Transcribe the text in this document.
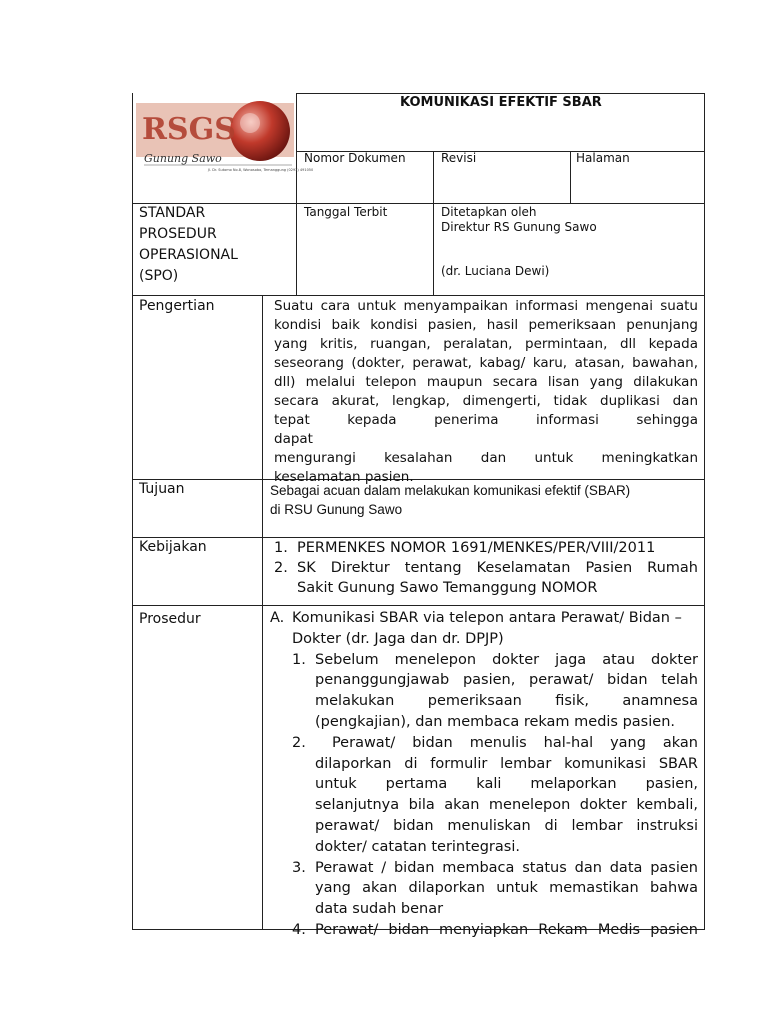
RSGS
Gunung Sawo
Jl. Dr. Sutomo No.8, Wonosobo, Temanggung (0293) 491050
KOMUNIKASI EFEKTIF SBAR
Nomor Dokumen	Revisi	Halaman
STANDAR
PROSEDUR
OPERASIONAL
(SPO)
Tanggal Terbit	Ditetapkan oleh
Direktur RS Gunung Sawo
(dr. Luciana Dewi)
Pengertian	Suatu cara untuk menyampaikan informasi mengenai suatu
kondisi baik kondisi pasien, hasil pemeriksaan penunjang
yang kritis, ruangan, peralatan, permintaan, dll kepada
seseorang (dokter, perawat, kabag/ karu, atasan, bawahan,
dll) melalui telepon maupun secara lisan yang dilakukan
secara akurat, lengkap, dimengerti, tidak duplikasi dan
tepat kepada penerima informasi sehingga dapat
mengurangi kesalahan dan untuk meningkatkan
keselamatan pasien.
Tujuan	Sebagai acuan dalam melakukan komunikasi efektif (SBAR)
di RSU Gunung Sawo
Kebijakan	1. PERMENKES NOMOR 1691/MENKES/PER/VIII/2011
2. SK Direktur tentang Keselamatan Pasien Rumah
Sakit Gunung Sawo Temanggung NOMOR
Prosedur	A. Komunikasi SBAR via telepon antara Perawat/ Bidan –
Dokter (dr. Jaga dan dr. DPJP)
1. Sebelum menelepon dokter jaga atau dokter
penanggungjawab pasien, perawat/ bidan telah
melakukan pemeriksaan fisik, anamnesa
(pengkajian), dan membaca rekam medis pasien.
2. Perawat/ bidan menulis hal-hal yang akan
dilaporkan di formulir lembar komunikasi SBAR
untuk pertama kali melaporkan pasien,
selanjutnya bila akan menelepon dokter kembali,
perawat/ bidan menuliskan di lembar instruksi
dokter/ catatan terintegrasi.
3. Perawat / bidan membaca status dan data pasien
yang akan dilaporkan untuk memastikan bahwa
data sudah benar
4. Perawat/ bidan menyiapkan Rekam Medis pasien
